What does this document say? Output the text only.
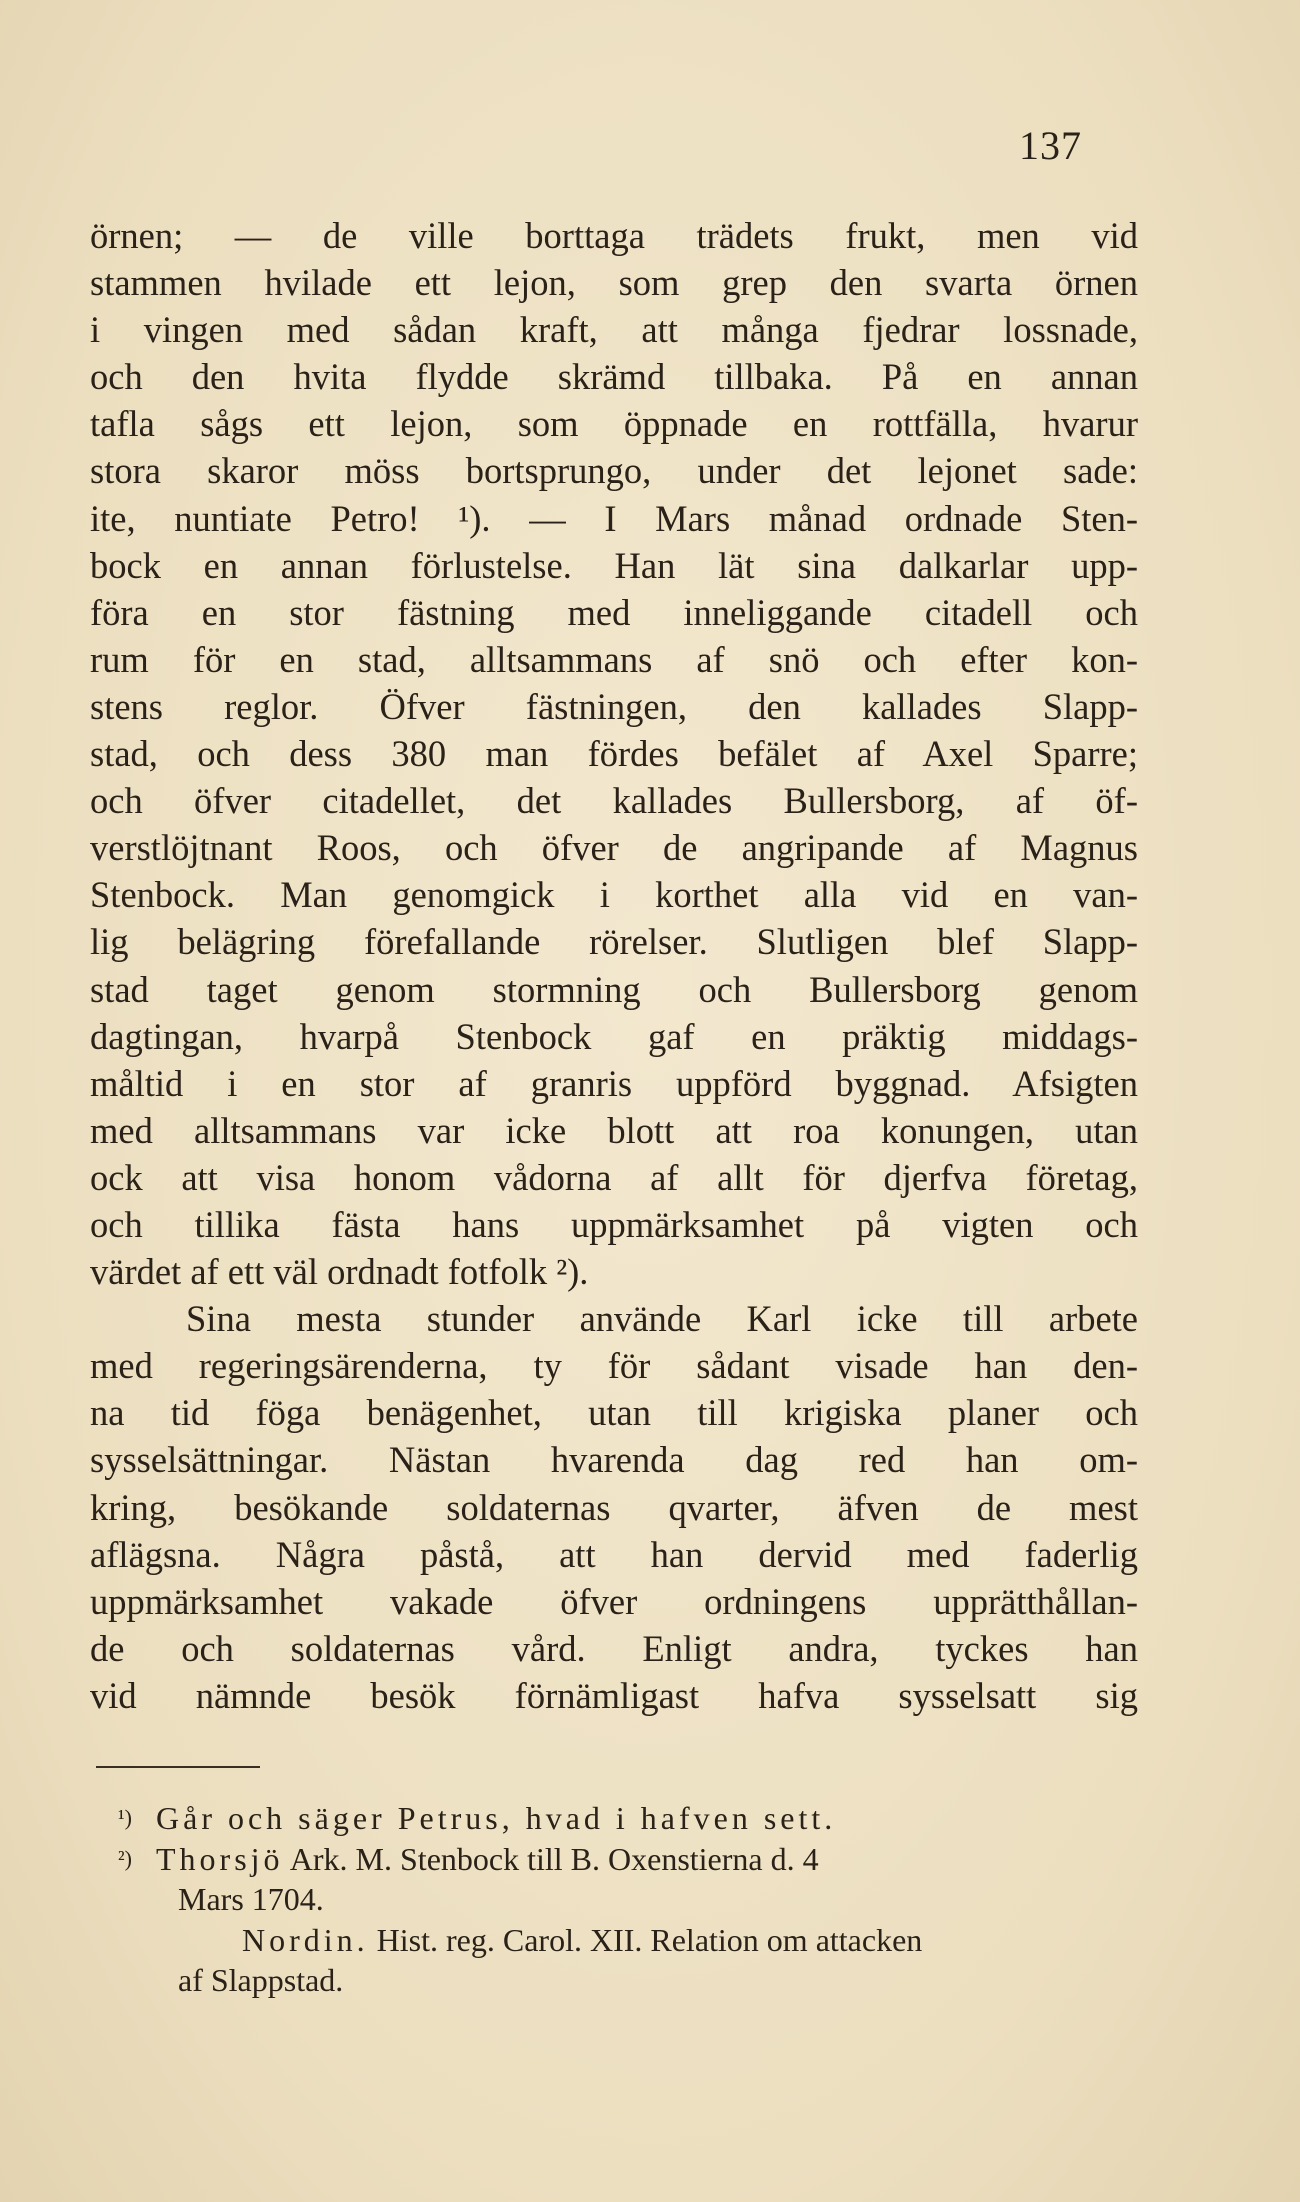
137
örnen; — de ville borttaga trädets frukt, men vid
stammen hvilade ett lejon, som grep den svarta örnen
i vingen med sådan kraft, att många fjedrar lossnade,
och den hvita flydde skrämd tillbaka. På en annan
tafla sågs ett lejon, som öppnade en rottfälla, hvarur
stora skaror möss bortsprungo, under det lejonet sade:
ite, nuntiate Petro! ¹). — I Mars månad ordnade Sten-
bock en annan förlustelse. Han lät sina dalkarlar upp-
föra en stor fästning med inneliggande citadell och
rum för en stad, alltsammans af snö och efter kon-
stens reglor. Öfver fästningen, den kallades Slapp-
stad, och dess 380 man fördes befälet af Axel Sparre;
och öfver citadellet, det kallades Bullersborg, af öf-
verstlöjtnant Roos, och öfver de angripande af Magnus
Stenbock. Man genomgick i korthet alla vid en van-
lig belägring förefallande rörelser. Slutligen blef Slapp-
stad taget genom stormning och Bullersborg genom
dagtingan, hvarpå Stenbock gaf en präktig middags-
måltid i en stor af granris uppförd byggnad. Afsigten
med alltsammans var icke blott att roa konungen, utan
ock att visa honom vådorna af allt för djerfva företag,
och tillika fästa hans uppmärksamhet på vigten och
värdet af ett väl ordnadt fotfolk ²).
Sina mesta stunder använde Karl icke till arbete
med regeringsärenderna, ty för sådant visade han den-
na tid föga benägenhet, utan till krigiska planer och
sysselsättningar. Nästan hvarenda dag red han om-
kring, besökande soldaternas qvarter, äfven de mest
aflägsna. Några påstå, att han dervid med faderlig
uppmärksamhet vakade öfver ordningens upprätthållan-
de och soldaternas vård. Enligt andra, tyckes han
vid nämnde besök förnämligast hafva sysselsatt sig
¹) Går och säger Petrus, hvad i hafven sett.
²) Thorsjö Ark. M. Stenbock till B. Oxenstierna d. 4
Mars 1704.
Nordin. Hist. reg. Carol. XII. Relation om attacken
af Slappstad.
